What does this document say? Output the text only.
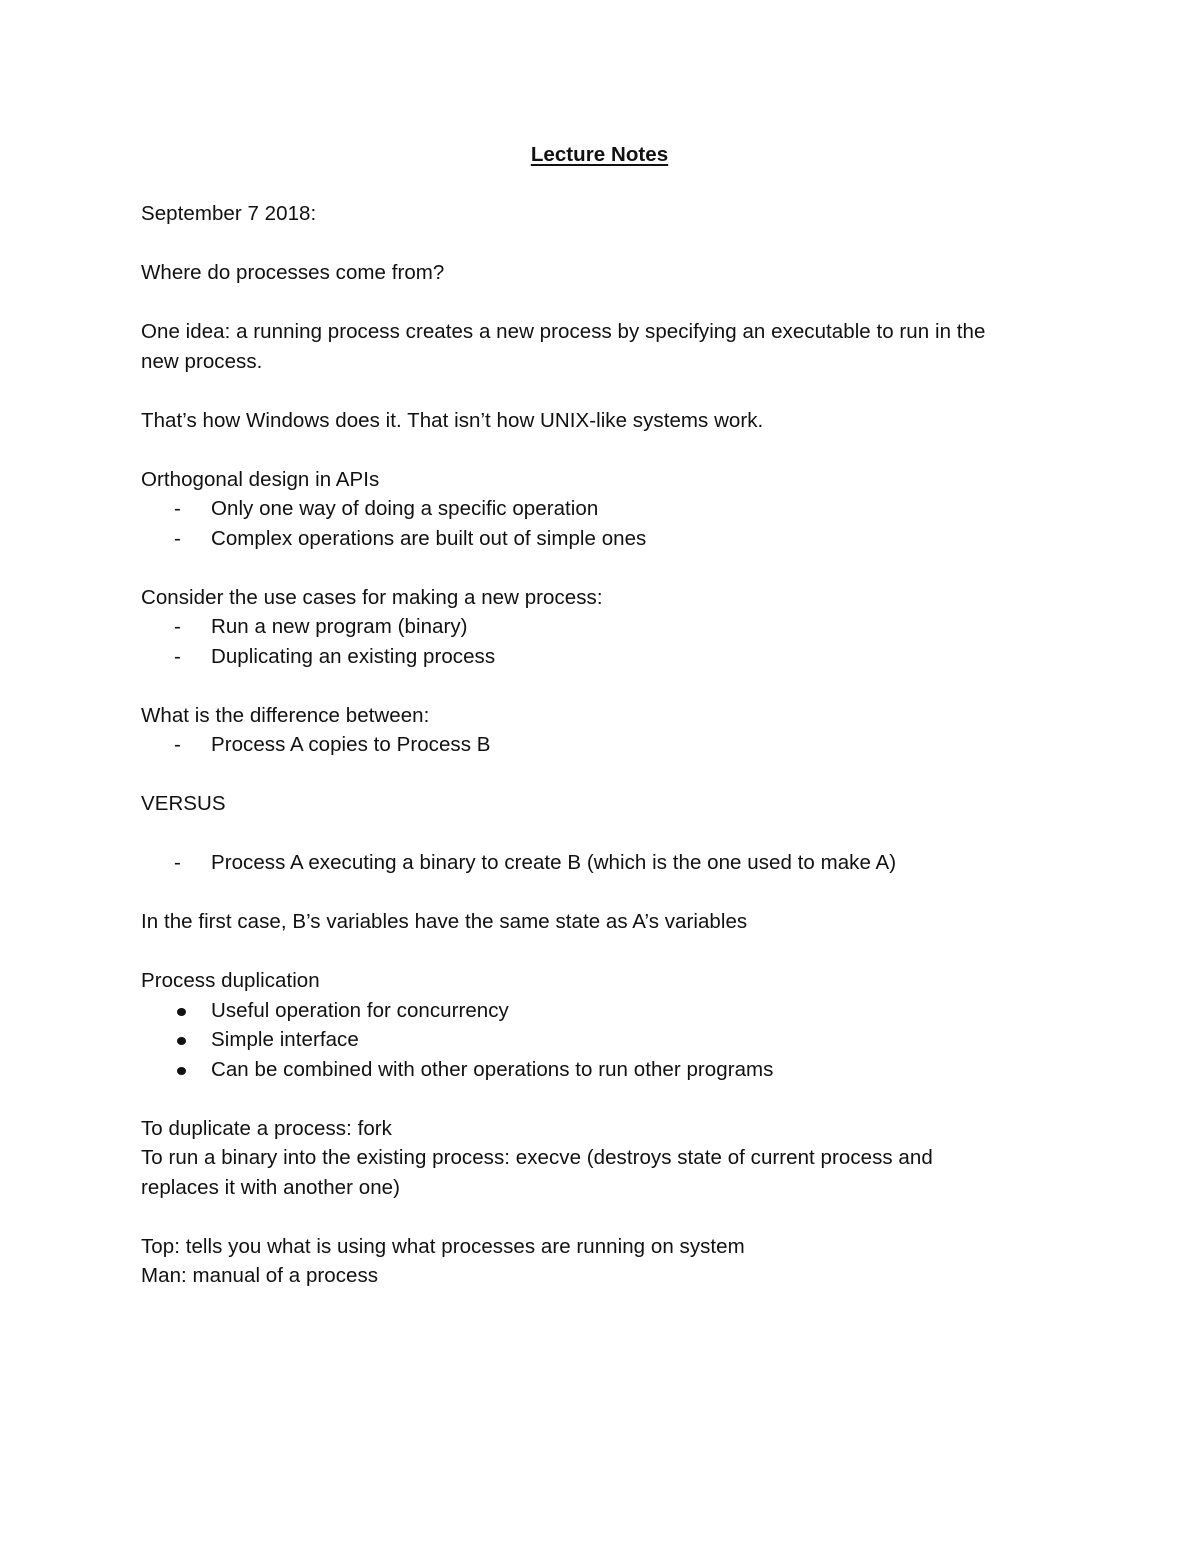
Lecture Notes

September 7 2018:

Where do processes come from?

One idea: a running process creates a new process by specifying an executable to run in the

new process.

That’s how Windows does it. That isn’t how UNIX-like systems work.

Orthogonal design in APIs

-	Only one way of doing a specific operation
-	Complex operations are built out of simple ones

Consider the use cases for making a new process:

-	Run a new program (binary)
-	Duplicating an existing process

What is the difference between:

-	Process A copies to Process B

VERSUS

-	Process A executing a binary to create B (which is the one used to make A)

In the first case, B’s variables have the same state as A’s variables

Process duplication

Useful operation for concurrency
Simple interface
Can be combined with other operations to run other programs

To duplicate a process: fork

To run a binary into the existing process: execve (destroys state of current process and

replaces it with another one)

Top: tells you what is using what processes are running on system

Man: manual of a process
